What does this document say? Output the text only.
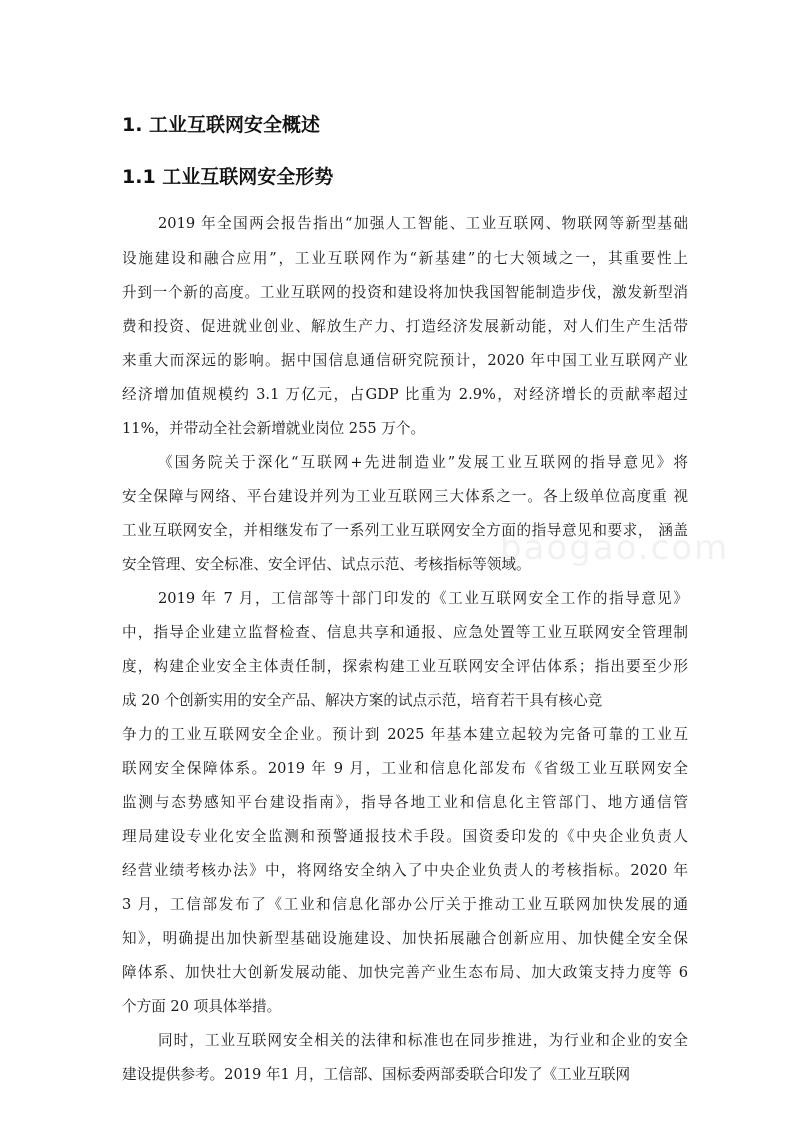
baogao.com
1. 工业互联网安全概述
1.1 工业互联网安全形势

2019 年全国两会报告指出“加强人工智能、工业互联网、物联网等新型基础

设施建设和融合应用”，工业互联网作为“新基建”的七大领域之一，其重要性上

升到一个新的高度。工业互联网的投资和建设将加快我国智能制造步伐，激发新型消

费和投资、促进就业创业、解放生产力、打造经济发展新动能，对人们生产生活带

来重大而深远的影响。据中国信息通信研究院预计，2020 年中国工业互联网产业

经济增加值规模约 3.1 万亿元，占GDP 比重为 2.9%，对经济增长的贡献率超过

11%，并带动全社会新增就业岗位 255 万个。

《国务院关于深化“互联网+先进制造业”发展工业互联网的指导意见》将

安全保障与网络、平台建设并列为工业互联网三大体系之一。各上级单位高度重 视

工业互联网安全，并相继发布了一系列工业互联网安全方面的指导意见和要求， 涵盖

安全管理、安全标准、安全评估、试点示范、考核指标等领域。

2019 年 7 月，工信部等十部门印发的《工业互联网安全工作的指导意见》

中，指导企业建立监督检查、信息共享和通报、应急处置等工业互联网安全管理制

度，构建企业安全主体责任制，探索构建工业互联网安全评估体系；指出要至少形

成 20 个创新实用的安全产品、解决方案的试点示范，培育若干具有核心竞

争力的工业互联网安全企业。预计到 2025 年基本建立起较为完备可靠的工业互

联网安全保障体系。2019 年 9 月，工业和信息化部发布《省级工业互联网安全

监测与态势感知平台建设指南》，指导各地工业和信息化主管部门、地方通信管

理局建设专业化安全监测和预警通报技术手段。国资委印发的《中央企业负责人

经营业绩考核办法》中，将网络安全纳入了中央企业负责人的考核指标。2020 年

3 月，工信部发布了《工业和信息化部办公厅关于推动工业互联网加快发展的通

知》，明确提出加快新型基础设施建设、加快拓展融合创新应用、加快健全安全保

障体系、加快壮大创新发展动能、加快完善产业生态布局、加大政策支持力度等 6

个方面 20 项具体举措。

同时，工业互联网安全相关的法律和标准也在同步推进，为行业和企业的安全

建设提供参考。2019 年1 月，工信部、国标委两部委联合印发了《工业互联网
